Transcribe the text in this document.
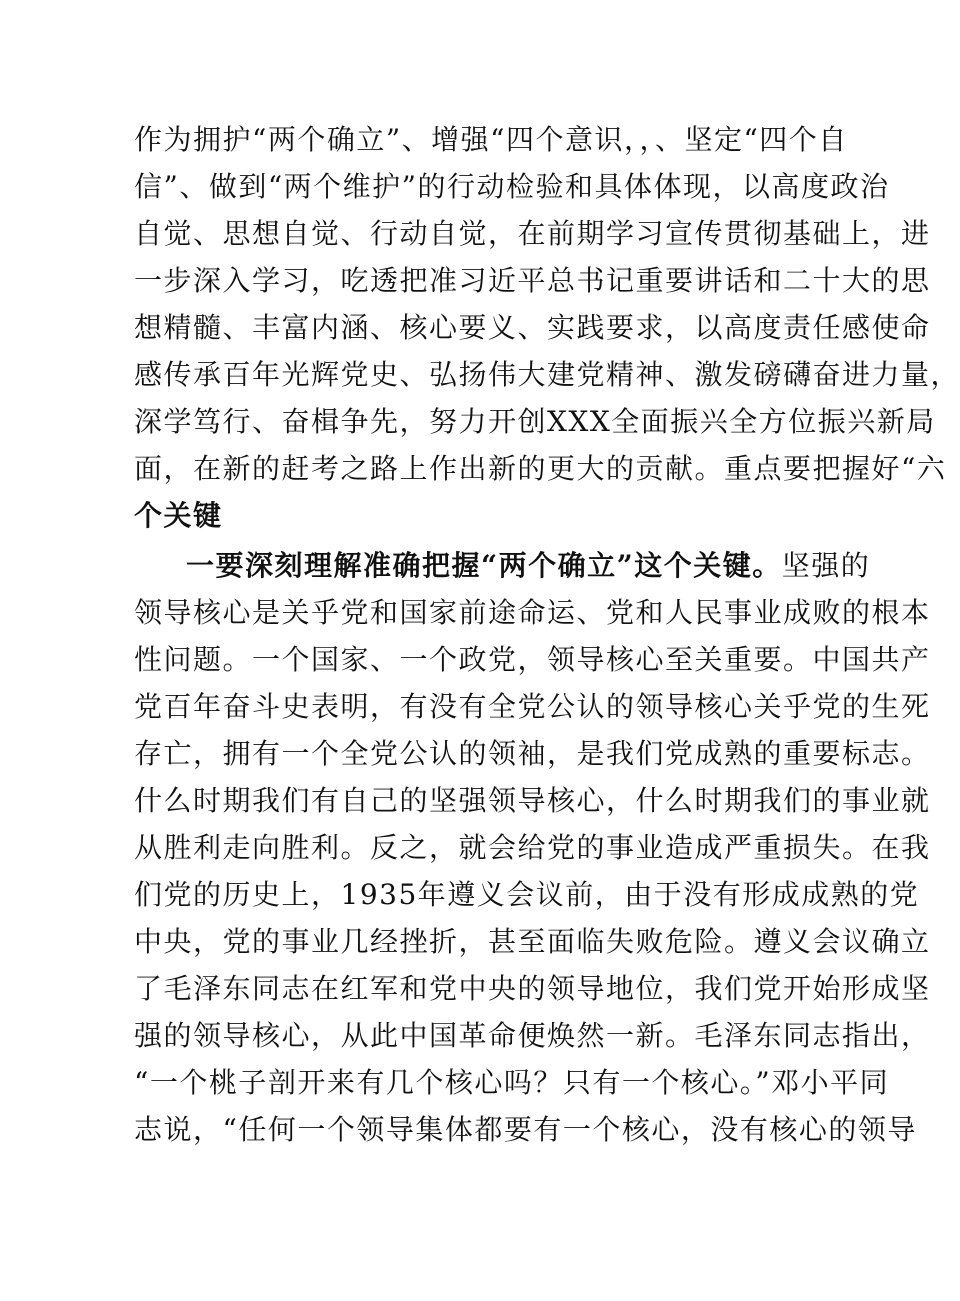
作为拥护“两个确立”、增强“四个意识，，、坚定“四个自
信”、做到“两个维护”的行动检验和具体体现，以高度政治
自觉、思想自觉、行动自觉，在前期学习宣传贯彻基础上，进
一步深入学习，吃透把准习近平总书记重要讲话和二十大的思
想精髓、丰富内涵、核心要义、实践要求，以高度责任感使命
感传承百年光辉党史、弘扬伟大建党精神、激发磅礴奋进力量，
深学笃行、奋楫争先，努力开创XXX全面振兴全方位振兴新局
面，在新的赶考之路上作出新的更大的贡献。重点要把握好“六
个关键
一要深刻理解准确把握“两个确立”这个关键。坚强的
领导核心是关乎党和国家前途命运、党和人民事业成败的根本
性问题。一个国家、一个政党，领导核心至关重要。中国共产
党百年奋斗史表明，有没有全党公认的领导核心关乎党的生死
存亡，拥有一个全党公认的领袖，是我们党成熟的重要标志。
什么时期我们有自己的坚强领导核心，什么时期我们的事业就
从胜利走向胜利。反之，就会给党的事业造成严重损失。在我
们党的历史上，1935年遵义会议前，由于没有形成成熟的党
中央，党的事业几经挫折，甚至面临失败危险。遵义会议确立
了毛泽东同志在红军和党中央的领导地位，我们党开始形成坚
强的领导核心，从此中国革命便焕然一新。毛泽东同志指出，
“一个桃子剖开来有几个核心吗？只有一个核心。”邓小平同
志说，“任何一个领导集体都要有一个核心，没有核心的领导
